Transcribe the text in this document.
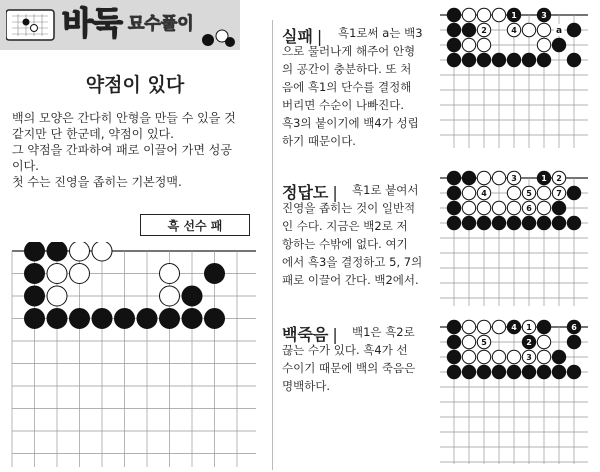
바둑 묘수풀이
약점이 있다
백의 모양은 간다히 안형을 만들 수 있을 것
같지만 단 한군데, 약점이 있다.
그 약점을 간파하여 패로 이끌어 가면 성공
이다.
첫 수는 진영을 좁히는 기본정맥.
흑 선수 패
실패 |	흑1로써 a는 백3
으로 물러나게 해주어 안형
의 공간이 충분하다. 또 처
음에 흑1의 단수를 결정해
버리면 수순이 나빠진다.
흑3의 붙이기에 백4가 성립
하기 때문이다.
1	3
2	4	a
정답도 |	흑1로 붙여서
진영을 좁히는 것이 일반적
인 수다. 지금은 백2로 저
항하는 수밖에 없다. 여기
에서 흑3을 결정하고 5, 7의
패로 이끌어 간다. 백2에서.
3	1 2
4	5	7
6
백죽음 |	백1은 흑2로
끊는 수가 있다. 흑4가 선
수이기 때문에 백의 죽음은
명백하다.
4 1	6
5	2
3
